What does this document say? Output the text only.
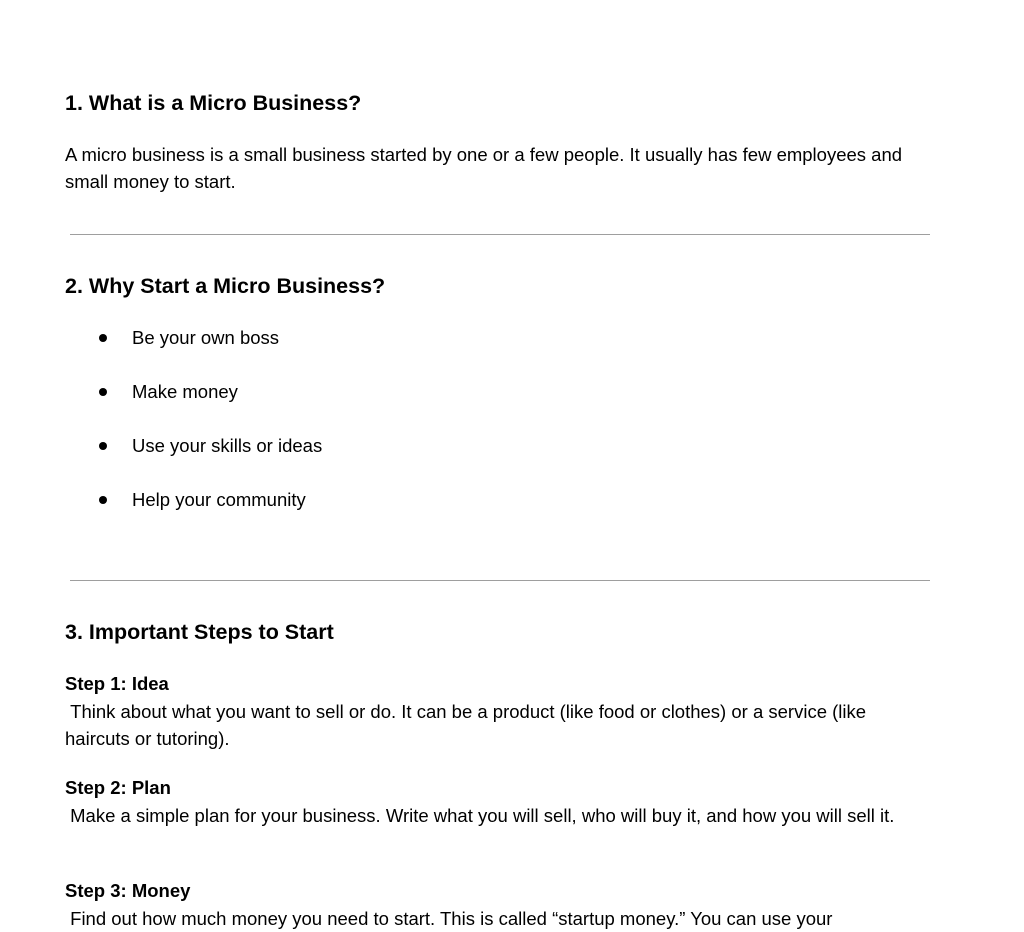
1. What is a Micro Business?

A micro business is a small business started by one or a few people. It usually has few employees and small money to start.

2. Why Start a Micro Business?
Be your own boss
Make money
Use your skills or ideas
Help your community
3. Important Steps to Start
Step 1: Idea

Think about what you want to sell or do. It can be a product (like food or clothes) or a service (like haircuts or tutoring).

Step 2: Plan

Make a simple plan for your business. Write what you will sell, who will buy it, and how you will sell it.

Step 3: Money

Find out how much money you need to start. This is called “startup money.” You can use your
